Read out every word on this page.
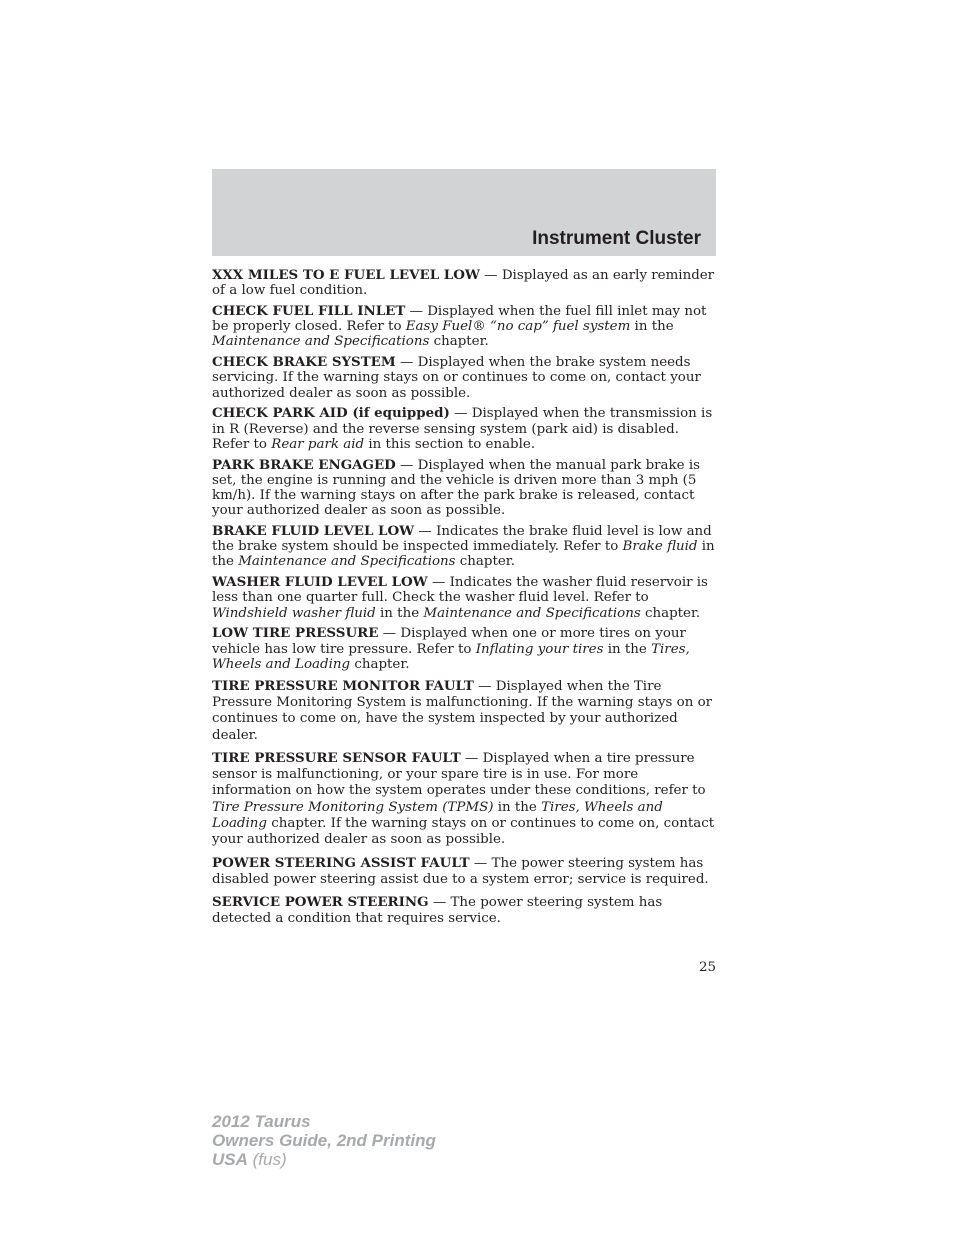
Instrument Cluster

XXX MILES TO E FUEL LEVEL LOW — Displayed as an early reminder of a low fuel condition.

CHECK FUEL FILL INLET — Displayed when the fuel fill inlet may not be properly closed. Refer to Easy Fuel® “no cap” fuel system in the Maintenance and Specifications chapter.

CHECK BRAKE SYSTEM — Displayed when the brake system needs servicing. If the warning stays on or continues to come on, contact your authorized dealer as soon as possible.

CHECK PARK AID (if equipped) — Displayed when the transmission is in R (Reverse) and the reverse sensing system (park aid) is disabled. Refer to Rear park aid in this section to enable.

PARK BRAKE ENGAGED — Displayed when the manual park brake is set, the engine is running and the vehicle is driven more than 3 mph (5 km/h). If the warning stays on after the park brake is released, contact your authorized dealer as soon as possible.

BRAKE FLUID LEVEL LOW — Indicates the brake fluid level is low and the brake system should be inspected immediately. Refer to Brake fluid in the Maintenance and Specifications chapter.

WASHER FLUID LEVEL LOW — Indicates the washer fluid reservoir is less than one quarter full. Check the washer fluid level. Refer to Windshield washer fluid in the Maintenance and Specifications chapter.

LOW TIRE PRESSURE — Displayed when one or more tires on your vehicle has low tire pressure. Refer to Inflating your tires in the Tires, Wheels and Loading chapter.

TIRE PRESSURE MONITOR FAULT — Displayed when the Tire Pressure Monitoring System is malfunctioning. If the warning stays on or continues to come on, have the system inspected by your authorized dealer.

TIRE PRESSURE SENSOR FAULT — Displayed when a tire pressure sensor is malfunctioning, or your spare tire is in use. For more information on how the system operates under these conditions, refer to Tire Pressure Monitoring System (TPMS) in the Tires, Wheels and Loading chapter. If the warning stays on or continues to come on, contact your authorized dealer as soon as possible.

POWER STEERING ASSIST FAULT — The power steering system has disabled power steering assist due to a system error; service is required.

SERVICE POWER STEERING — The power steering system has detected a condition that requires service.

25
2012 Taurus
Owners Guide, 2nd Printing
USA (fus)
